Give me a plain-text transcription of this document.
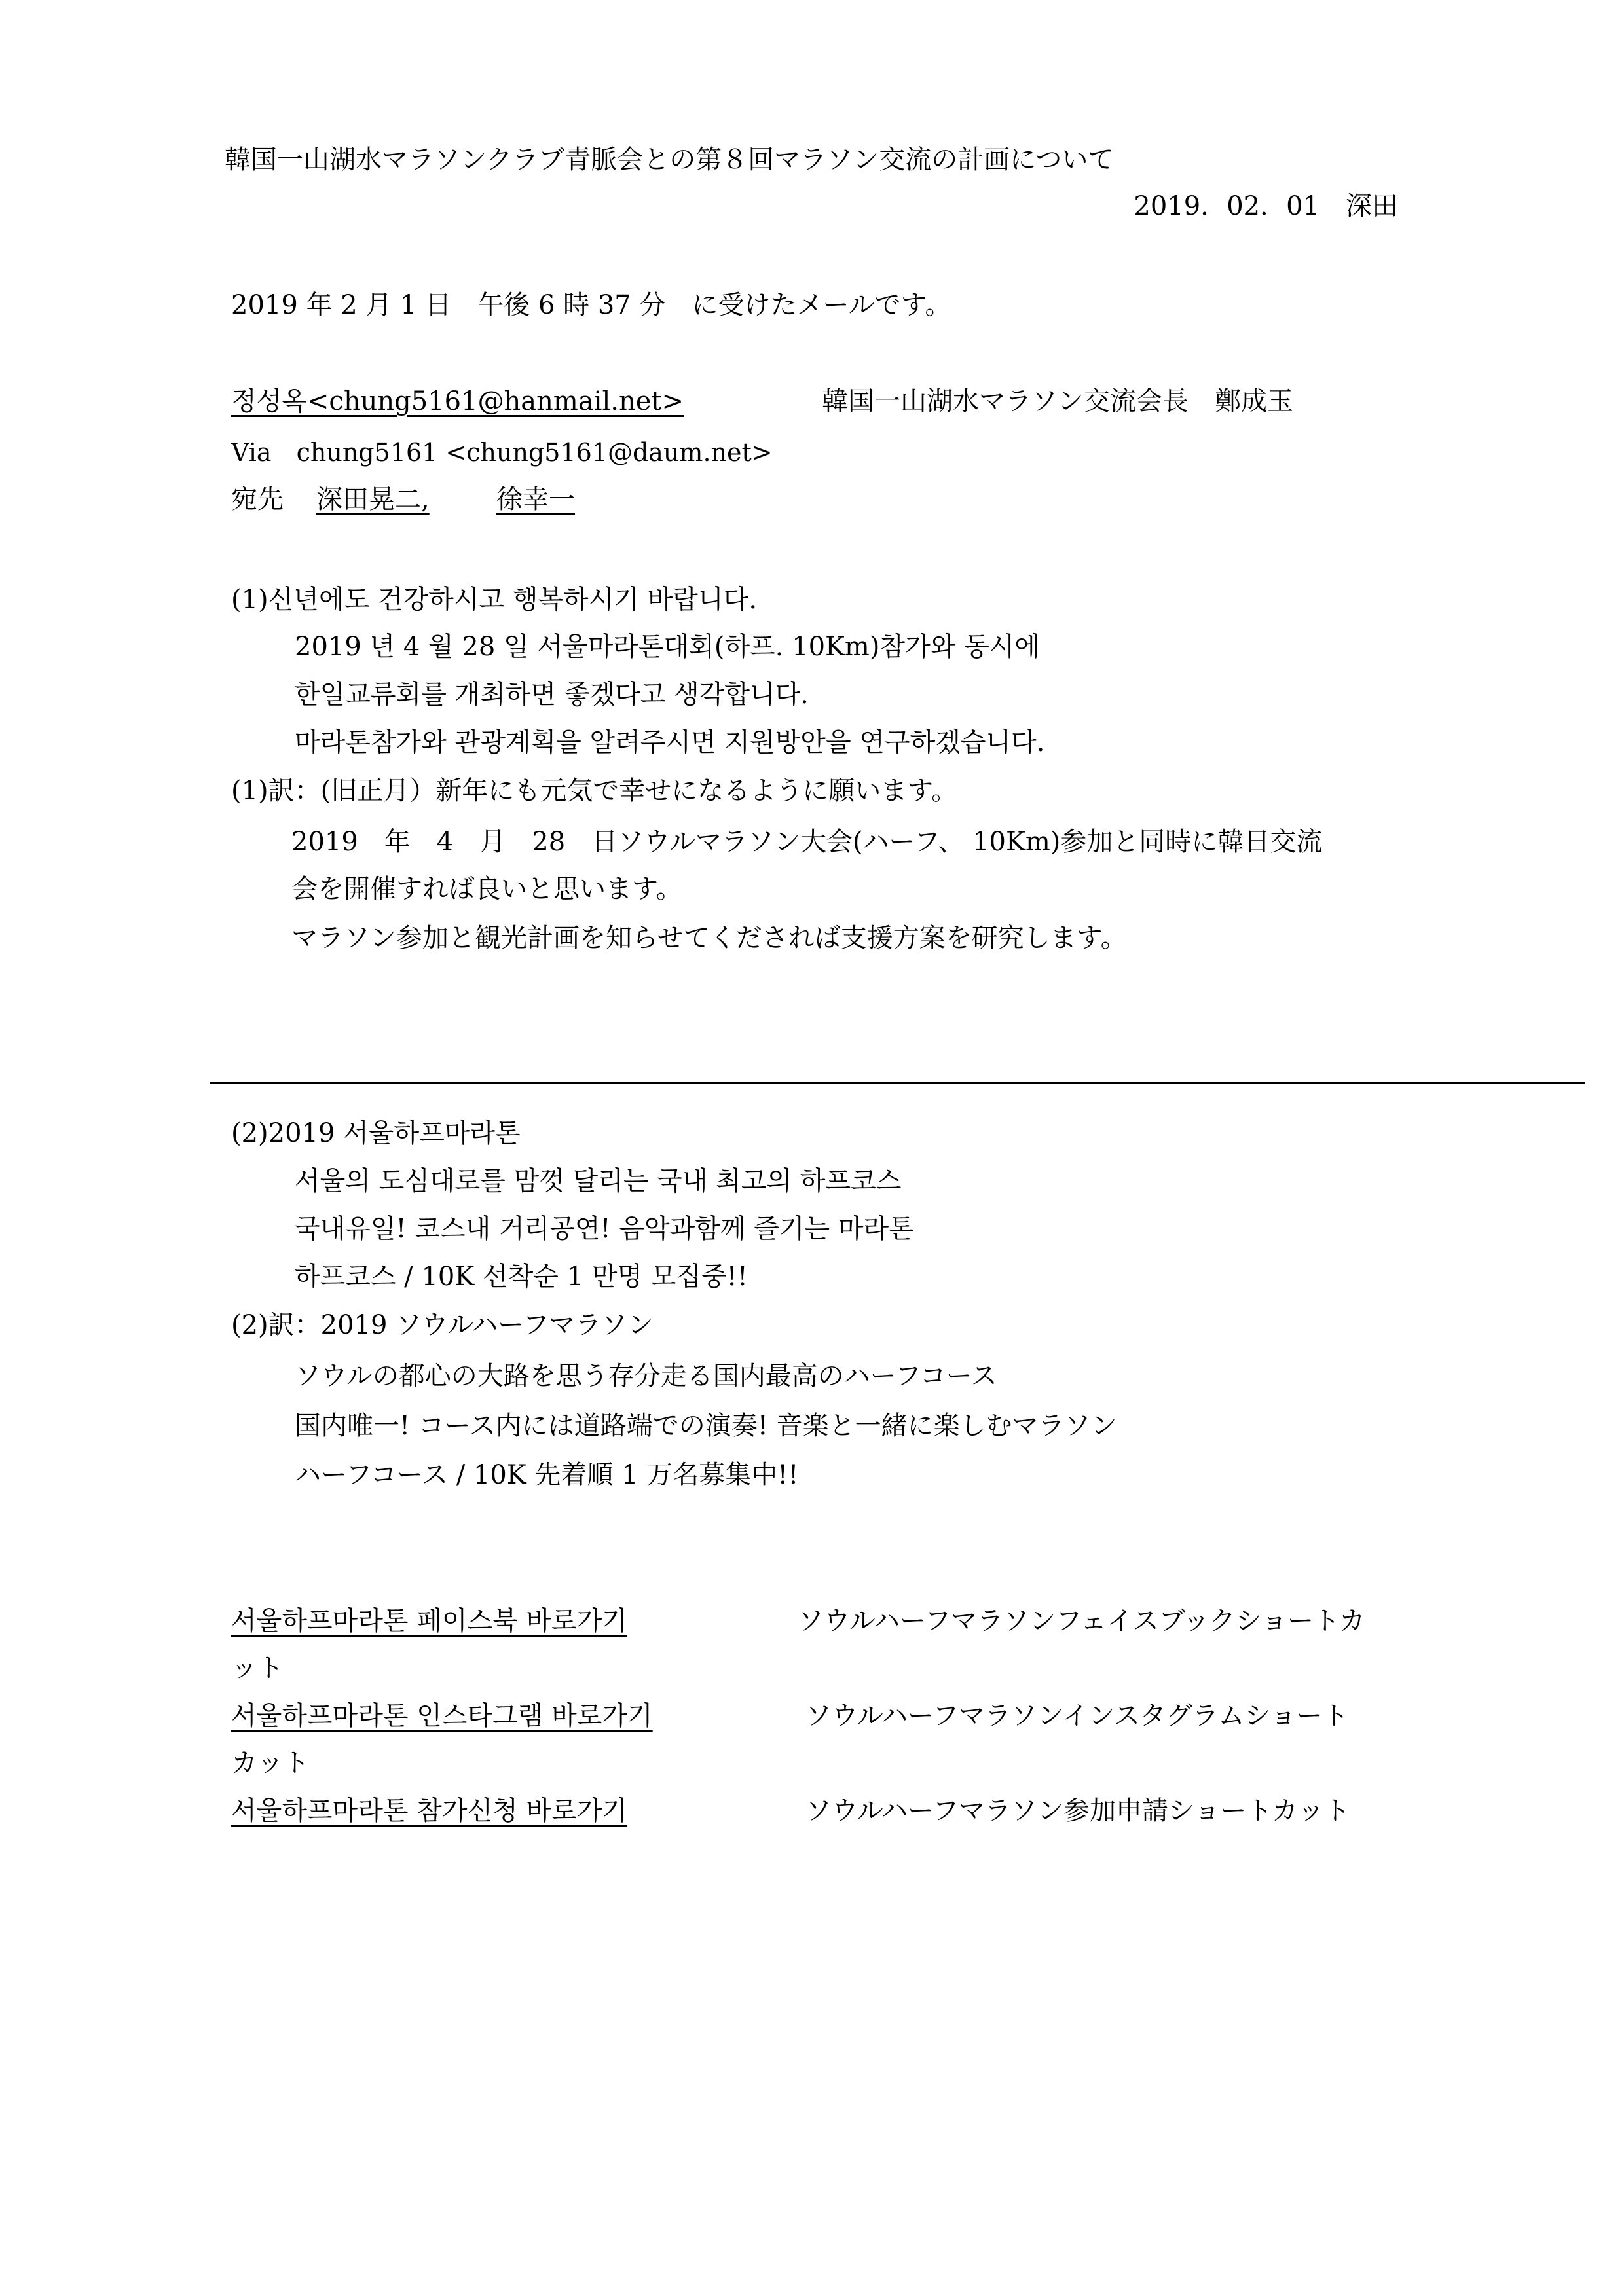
韓国一山湖水マラソンクラブ青脈会との第８回マラソン交流の計画について
2019．02．01　深田
2019 年 2 月 1 日　午後 6 時 37 分　に受けたメールです。
정성옥<chung5161@hanmail.net>	韓国一山湖水マラソン交流会長　鄭成玉
Via　chung5161 <chung5161@daum.net>
宛先 深田晃二,	徐幸一
(1)신년에도 건강하시고 행복하시기 바랍니다.
2019 년 4 월 28 일 서울마라톤대회(하프. 10Km)참가와 동시에
한일교류회를 개최하면 좋겠다고 생각합니다.
마라톤참가와 관광계획을 알려주시면 지원방안을 연구하겠습니다.
(1)訳：(旧正月）新年にも元気で幸せになるように願います。
2019　年　4　月　28　日ソウルマラソン大会(ハーフ、 10Km)参加と同時に韓日交流
会を開催すれば良いと思います。
マラソン参加と観光計画を知らせてくだされば支援方案を研究します。
(2)2019 서울하프마라톤
서울의 도심대로를 맘껏 달리는 국내 최고의 하프코스
국내유일! 코스내 거리공연! 음악과함께 즐기는 마라톤
하프코스 / 10K 선착순 1 만명 모집중!!
(2)訳：2019 ソウルハーフマラソン
ソウルの都心の大路を思う存分走る国内最高のハーフコース
国内唯一! コース内には道路端での演奏! 音楽と一緒に楽しむマラソン
ハーフコース / 10K 先着順 1 万名募集中!!
서울하프마라톤 페이스북 바로가기	ソウルハーフマラソンフェイスブックショートカ
ット
서울하프마라톤 인스타그램 바로가기	ソウルハーフマラソンインスタグラムショート
カット
서울하프마라톤 참가신청 바로가기	ソウルハーフマラソン参加申請ショートカット
